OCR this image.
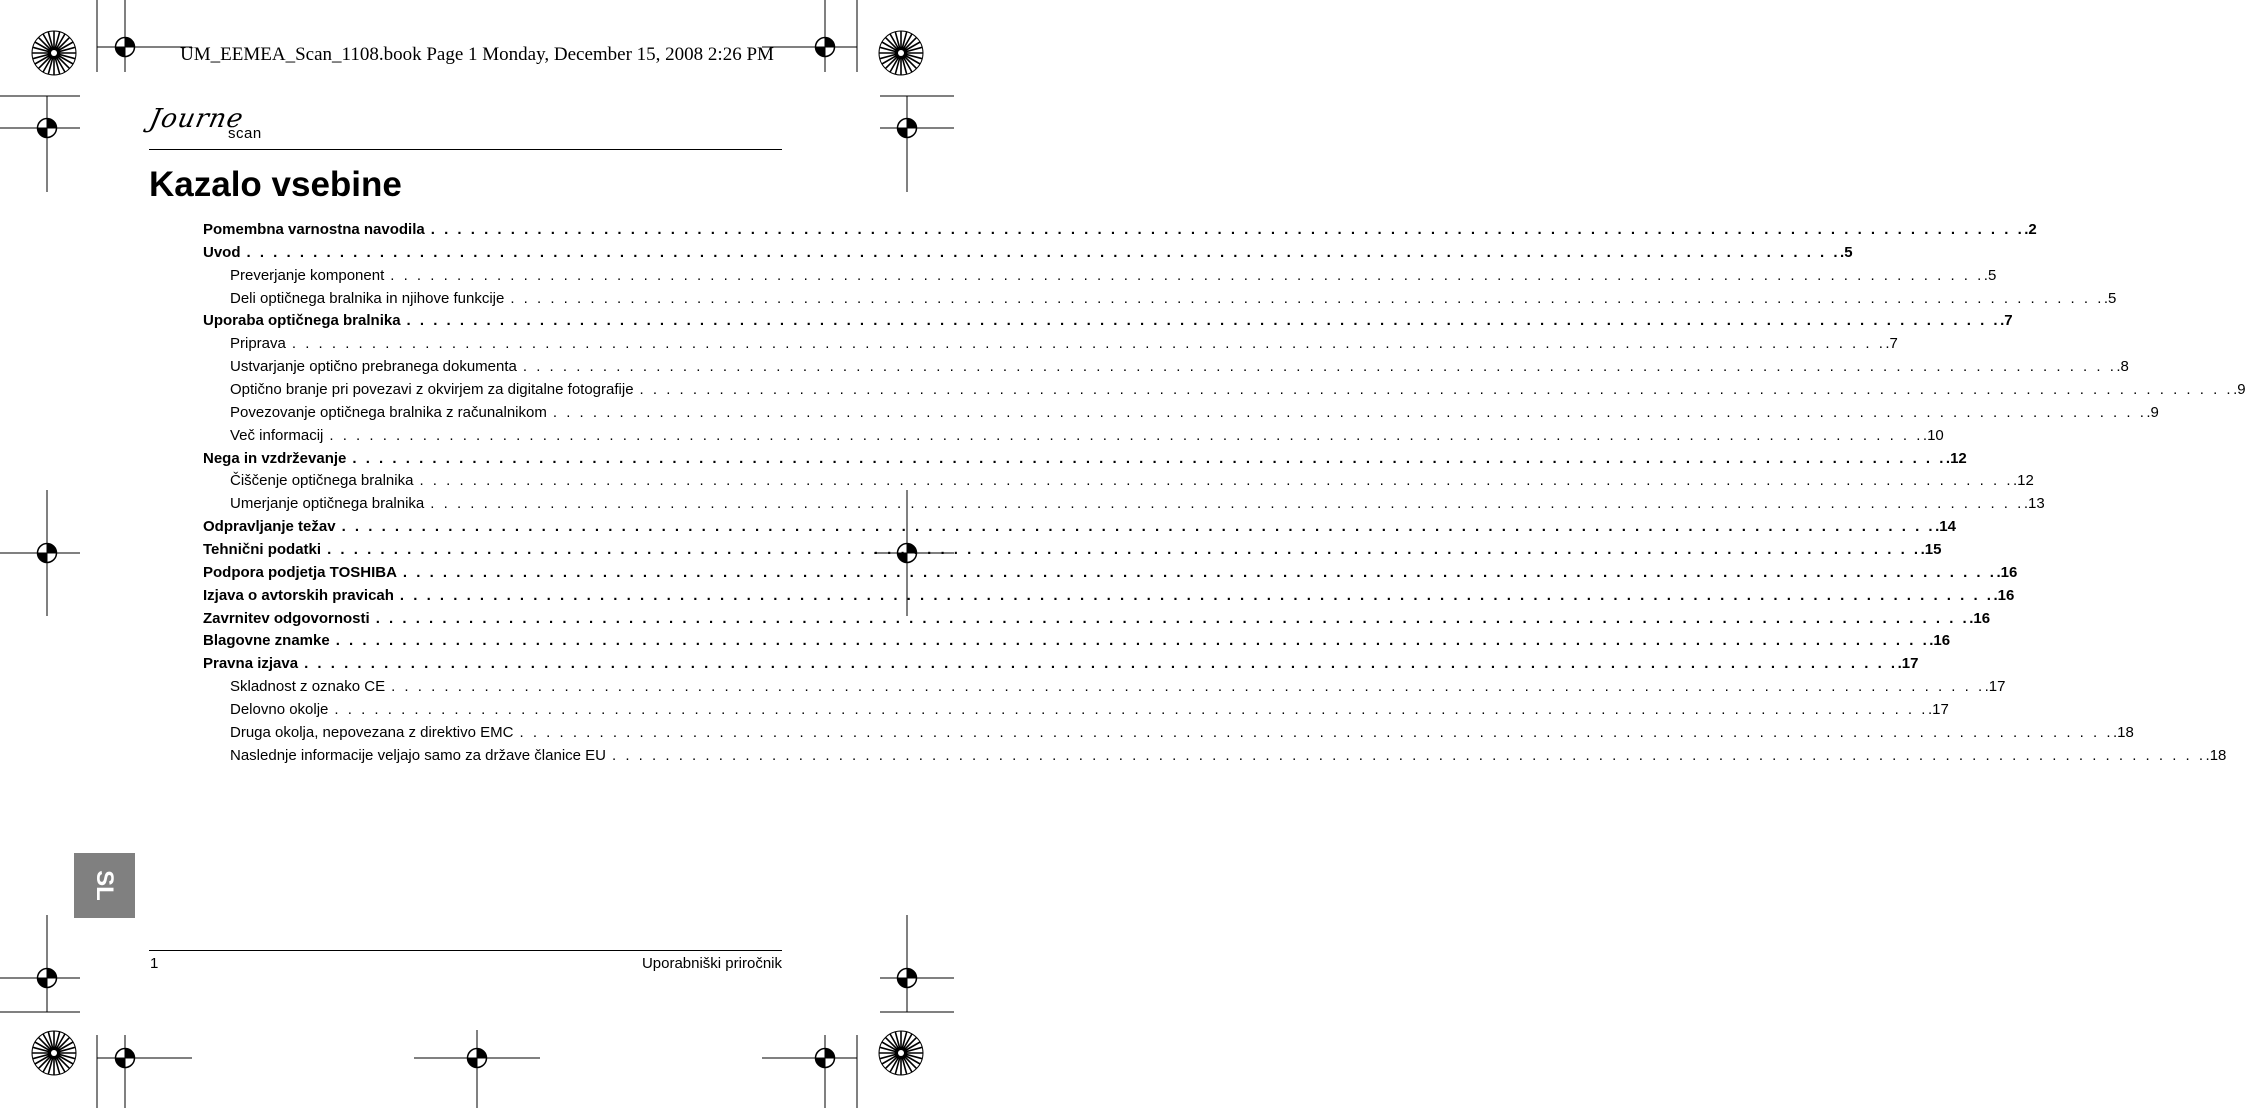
UM_EEMEA_Scan_1108.book Page 1 Monday, December 15, 2008 2:26 PM
Journe
scan
Kazalo vsebine
Pomembna varnostna navodila . . . . . . . . . . . . . . . . . . . . . . . . . . . . . . . . . . . . . . . . . . . . . . . . . . . . . . . . . . . . . . . . . . . . . . . . . . . . . . . . . . . . . . . . . . . . . . . . . . . . . . . . . . . . . . . . . . . . . . . . .2
Uvod . . . . . . . . . . . . . . . . . . . . . . . . . . . . . . . . . . . . . . . . . . . . . . . . . . . . . . . . . . . . . . . . . . . . . . . . . . . . . . . . . . . . . . . . . . . . . . . . . . . . . . . . . . . . . . . . . . . . . . . . .5
Preverjanje komponent . . . . . . . . . . . . . . . . . . . . . . . . . . . . . . . . . . . . . . . . . . . . . . . . . . . . . . . . . . . . . . . . . . . . . . . . . . . . . . . . . . . . . . . . . . . . . . . . . . . . . . . . . . . . . . . . . . . . . . . . .5
Deli optičnega bralnika in njihove funkcije . . . . . . . . . . . . . . . . . . . . . . . . . . . . . . . . . . . . . . . . . . . . . . . . . . . . . . . . . . . . . . . . . . . . . . . . . . . . . . . . . . . . . . . . . . . . . . . . . . . . . . . . . . . . . . . . . . . . . . . . .5
Uporaba optičnega bralnika . . . . . . . . . . . . . . . . . . . . . . . . . . . . . . . . . . . . . . . . . . . . . . . . . . . . . . . . . . . . . . . . . . . . . . . . . . . . . . . . . . . . . . . . . . . . . . . . . . . . . . . . . . . . . . . . . . . . . . . . .7
Priprava . . . . . . . . . . . . . . . . . . . . . . . . . . . . . . . . . . . . . . . . . . . . . . . . . . . . . . . . . . . . . . . . . . . . . . . . . . . . . . . . . . . . . . . . . . . . . . . . . . . . . . . . . . . . . . . . . . . . . . . . .7
Ustvarjanje optično prebranega dokumenta . . . . . . . . . . . . . . . . . . . . . . . . . . . . . . . . . . . . . . . . . . . . . . . . . . . . . . . . . . . . . . . . . . . . . . . . . . . . . . . . . . . . . . . . . . . . . . . . . . . . . . . . . . . . . . . . . . . . . . . . .8
Optično branje pri povezavi z okvirjem za digitalne fotografije . . . . . . . . . . . . . . . . . . . . . . . . . . . . . . . . . . . . . . . . . . . . . . . . . . . . . . . . . . . . . . . . . . . . . . . . . . . . . . . . . . . . . . . . . . . . . . . . . . . . . . . . . . . . . . . . . . . . . . . . .9
Povezovanje optičnega bralnika z računalnikom . . . . . . . . . . . . . . . . . . . . . . . . . . . . . . . . . . . . . . . . . . . . . . . . . . . . . . . . . . . . . . . . . . . . . . . . . . . . . . . . . . . . . . . . . . . . . . . . . . . . . . . . . . . . . . . . . . . . . . . . .9
Več informacij . . . . . . . . . . . . . . . . . . . . . . . . . . . . . . . . . . . . . . . . . . . . . . . . . . . . . . . . . . . . . . . . . . . . . . . . . . . . . . . . . . . . . . . . . . . . . . . . . . . . . . . . . . . . . . . . . . . . . . . . .10
Nega in vzdrževanje . . . . . . . . . . . . . . . . . . . . . . . . . . . . . . . . . . . . . . . . . . . . . . . . . . . . . . . . . . . . . . . . . . . . . . . . . . . . . . . . . . . . . . . . . . . . . . . . . . . . . . . . . . . . . . . . . . . . . . . . .12
Čiščenje optičnega bralnika . . . . . . . . . . . . . . . . . . . . . . . . . . . . . . . . . . . . . . . . . . . . . . . . . . . . . . . . . . . . . . . . . . . . . . . . . . . . . . . . . . . . . . . . . . . . . . . . . . . . . . . . . . . . . . . . . . . . . . . . .12
Umerjanje optičnega bralnika . . . . . . . . . . . . . . . . . . . . . . . . . . . . . . . . . . . . . . . . . . . . . . . . . . . . . . . . . . . . . . . . . . . . . . . . . . . . . . . . . . . . . . . . . . . . . . . . . . . . . . . . . . . . . . . . . . . . . . . . .13
Odpravljanje težav . . . . . . . . . . . . . . . . . . . . . . . . . . . . . . . . . . . . . . . . . . . . . . . . . . . . . . . . . . . . . . . . . . . . . . . . . . . . . . . . . . . . . . . . . . . . . . . . . . . . . . . . . . . . . . . . . . . . . . . . .14
Tehnični podatki . . . . . . . . . . . . . . . . . . . . . . . . . . . . . . . . . . . . . . . . . . . . . . . . . . . . . . . . . . . . . . . . . . . . . . . . . . . . . . . . . . . . . . . . . . . . . . . . . . . . . . . . . . . . . . . . . . . . . . . . .15
Podpora podjetja TOSHIBA . . . . . . . . . . . . . . . . . . . . . . . . . . . . . . . . . . . . . . . . . . . . . . . . . . . . . . . . . . . . . . . . . . . . . . . . . . . . . . . . . . . . . . . . . . . . . . . . . . . . . . . . . . . . . . . . . . . . . . . . .16
Izjava o avtorskih pravicah . . . . . . . . . . . . . . . . . . . . . . . . . . . . . . . . . . . . . . . . . . . . . . . . . . . . . . . . . . . . . . . . . . . . . . . . . . . . . . . . . . . . . . . . . . . . . . . . . . . . . . . . . . . . . . . . . . . . . . . . .16
Zavrnitev odgovornosti . . . . . . . . . . . . . . . . . . . . . . . . . . . . . . . . . . . . . . . . . . . . . . . . . . . . . . . . . . . . . . . . . . . . . . . . . . . . . . . . . . . . . . . . . . . . . . . . . . . . . . . . . . . . . . . . . . . . . . . . .16
Blagovne znamke . . . . . . . . . . . . . . . . . . . . . . . . . . . . . . . . . . . . . . . . . . . . . . . . . . . . . . . . . . . . . . . . . . . . . . . . . . . . . . . . . . . . . . . . . . . . . . . . . . . . . . . . . . . . . . . . . . . . . . . . .16
Pravna izjava . . . . . . . . . . . . . . . . . . . . . . . . . . . . . . . . . . . . . . . . . . . . . . . . . . . . . . . . . . . . . . . . . . . . . . . . . . . . . . . . . . . . . . . . . . . . . . . . . . . . . . . . . . . . . . . . . . . . . . . . .17
Skladnost z oznako CE . . . . . . . . . . . . . . . . . . . . . . . . . . . . . . . . . . . . . . . . . . . . . . . . . . . . . . . . . . . . . . . . . . . . . . . . . . . . . . . . . . . . . . . . . . . . . . . . . . . . . . . . . . . . . . . . . . . . . . . . .17
Delovno okolje . . . . . . . . . . . . . . . . . . . . . . . . . . . . . . . . . . . . . . . . . . . . . . . . . . . . . . . . . . . . . . . . . . . . . . . . . . . . . . . . . . . . . . . . . . . . . . . . . . . . . . . . . . . . . . . . . . . . . . . . .17
Druga okolja, nepovezana z direktivo EMC . . . . . . . . . . . . . . . . . . . . . . . . . . . . . . . . . . . . . . . . . . . . . . . . . . . . . . . . . . . . . . . . . . . . . . . . . . . . . . . . . . . . . . . . . . . . . . . . . . . . . . . . . . . . . . . . . . . . . . . . .18
Naslednje informacije veljajo samo za države članice EU . . . . . . . . . . . . . . . . . . . . . . . . . . . . . . . . . . . . . . . . . . . . . . . . . . . . . . . . . . . . . . . . . . . . . . . . . . . . . . . . . . . . . . . . . . . . . . . . . . . . . . . . . . . . . . . . . . . . . . . . .18
SL
1	Uporabniški priročnik
